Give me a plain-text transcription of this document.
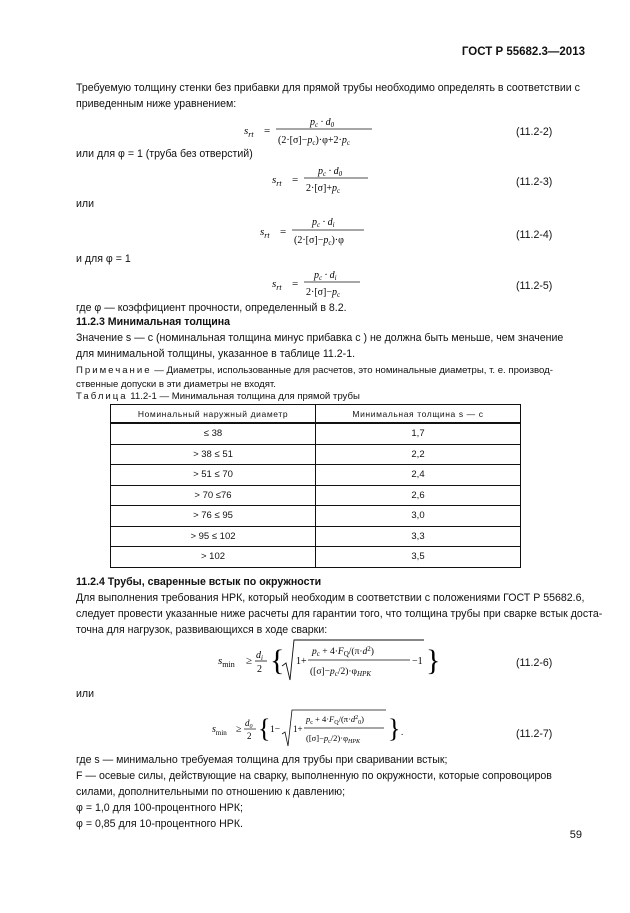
ГОСТ Р 55682.3—2013
Требуемую толщину стенки без прибавки для прямой трубы необходимо определять в соответствии с
приведенным ниже уравнением:
$s_{rt}$ =
$p_c \cdot d_0$
$(2\cdot[\sigma]-p_c)\cdot\varphi+2\cdot p_c$
(11.2-2)
или для φ = 1 (труба без отверстий)
$s_{rt}$ =
$p_c \cdot d_0$
$2\cdot[\sigma]+p_c$
(11.2-3)
или
$s_{rt}$ =
$p_c \cdot d_i$
$(2\cdot[\sigma]-p_c)\cdot\varphi$	(11.2-4)
и для φ = 1
$s_{rt}$ =
$p_c \cdot d_i$
$2\cdot[\sigma]-p_c$
(11.2-5)
где φ — коэффициент прочности, определенный в 8.2.
11.2.3 Минимальная толщина
Значение s — c (номинальная толщина минус прибавка c ) не должна быть меньше, чем значение
для минимальной толщины, указанное в таблице 11.2-1.
Примечание — Диаметры, использованные для расчетов, это номинальные диаметры, т. е. производ-
ственные допуски в эти диаметры не входят.
Таблица 11.2-1 — Минимальная толщина для прямой трубы
Номинальный наружный диаметр	Минимальная толщина s — c
≤ 38	1,7
> 38 ≤ 51	2,2
> 51 ≤ 70	2,4
> 70 ≤76	2,6
> 76 ≤ 95	3,0
> 95 ≤ 102	3,3
> 102	3,5
11.2.4 Трубы, сваренные встык по окружности
Для выполнения требования НРК, который необходим в соответствии с положениями ГОСТ Р 55682.6,
следует провести указанные ниже расчеты для гарантии того, что толщина трубы при сварке встык доста-
точна для нагрузок, развивающихся в ходе сварки:
$s_{min} \ge d_i$
2 { 1+
$p_c + 4\cdot F_Q/(\pi\cdot d^2)$
$([\sigma]-p_c/2)\cdot\varphi_{НРК}$
−1 }	(11.2-6)
или
$s_{min}$ ≥
$d_0$
2 { 1− 1+
$p_c + 4\cdot F_Q/(\pi\cdot d^2_0)$
$([\sigma]-p_c/2)\cdot\varphi_{НРК}$ } .	(11.2-7)
где s — минимально требуемая толщина для трубы при сваривании встык;
F — осевые силы, действующие на сварку, выполненную по окружности, которые сопровоциров
силами, дополнительными по отношению к давлению;
φ = 1,0 для 100-процентного НРК;
φ = 0,85 для 10-процентного НРК.
59
